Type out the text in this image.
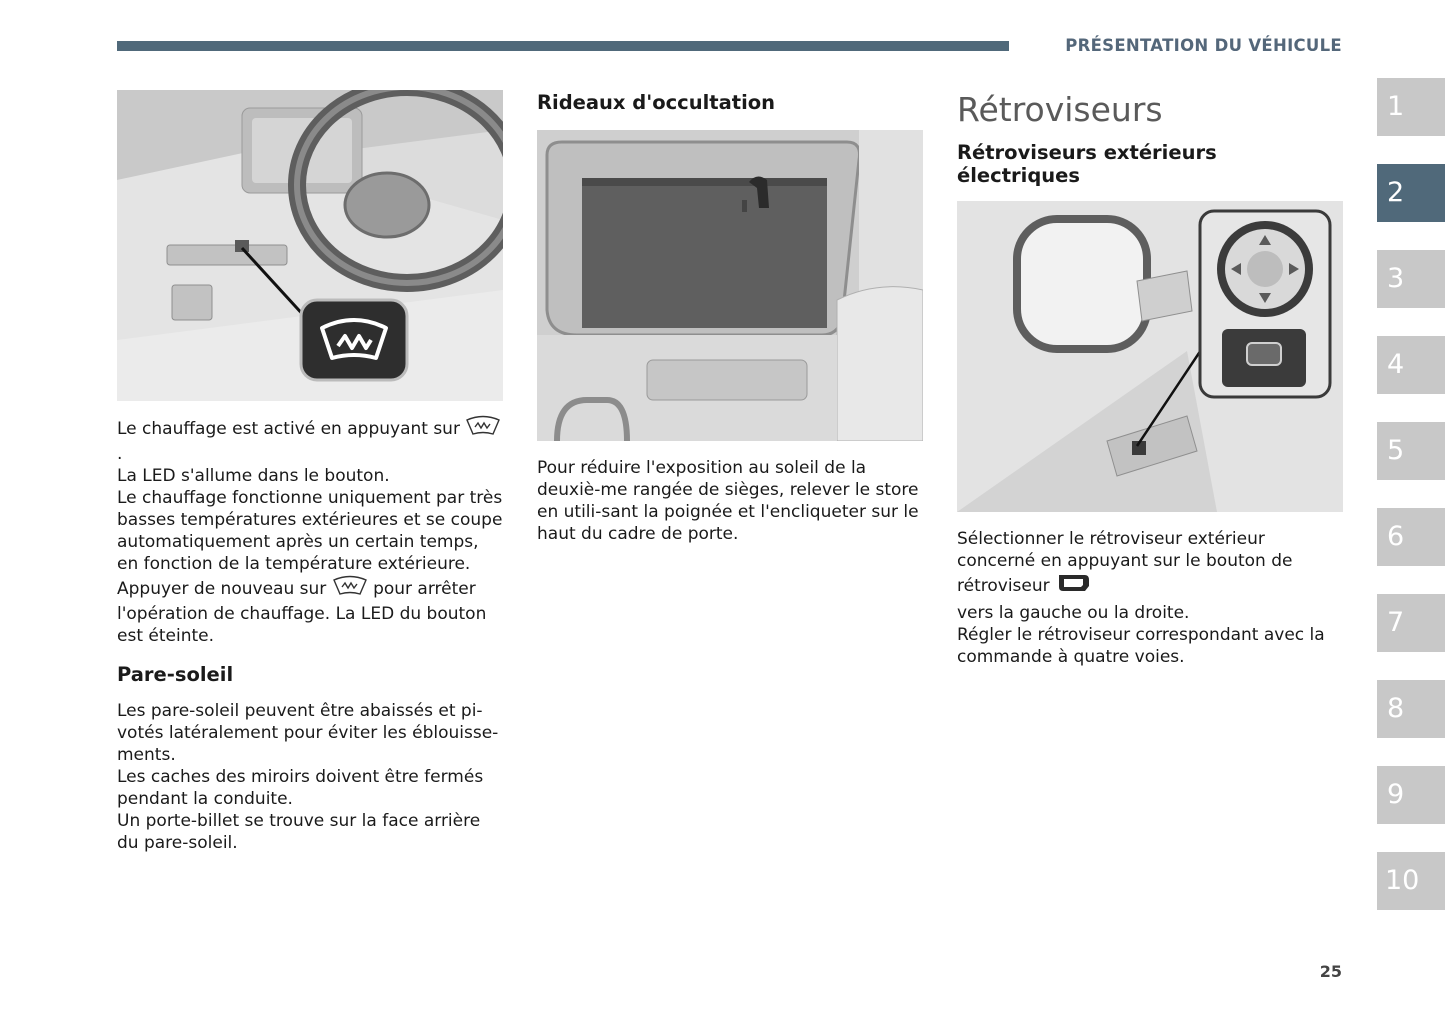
PRÉSENTATION DU VÉHICULE

Le chauffage est activé en appuyant sur .

La LED s'allume dans le bouton.

Le chauffage fonctionne uniquement par très basses températures extérieures et se coupe automatiquement après un certain temps, en fonction de la température extérieure.

Appuyer de nouveau sur	pour arrêter l'opération de chauffage. La LED du bouton est éteinte.

Pare-soleil

Les pare-soleil peuvent être abaissés et pi-votés latéralement pour éviter les éblouisse-ments.

Les caches des miroirs doivent être fermés pendant la conduite.

Un porte-billet se trouve sur la face arrière du pare-soleil.

Rideaux d'occultation

Pour réduire l'exposition au soleil de la deuxiè-me rangée de sièges, relever le store en utili-sant la poignée et l'encliqueter sur le haut du cadre de porte.

Rétroviseurs
Rétroviseurs extérieurs électriques

Sélectionner le rétroviseur extérieur concerné en appuyant sur le bouton de rétroviseur

vers la gauche ou la droite.

Régler le rétroviseur correspondant avec la commande à quatre voies.

1
2
3
4
5
6
7
8
9
10
25
